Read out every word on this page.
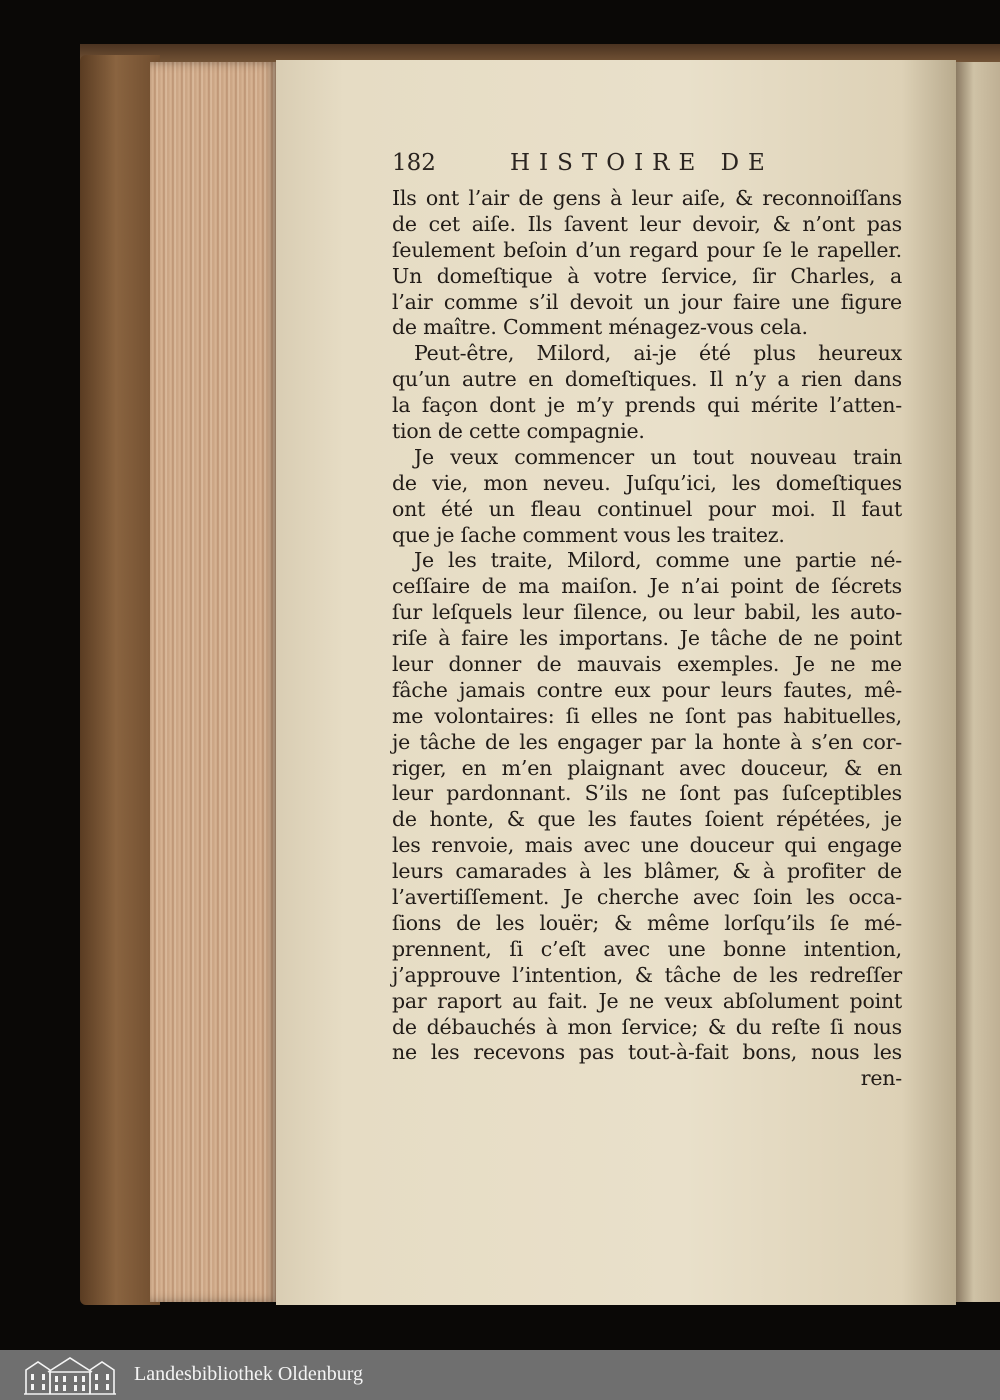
182	HISTOIRE DE
Ils ont l’air de gens à leur aiſe, & reconnoiſſans
de cet aiſe. Ils ſavent leur devoir, & n’ont pas
ſeulement beſoin d’un regard pour ſe le rapeller.
Un domeſtique à votre ſervice, ſir Charles, a
l’air comme s’il devoit un jour faire une figure
de maître. Comment ménagez-vous cela.
Peut-être, Milord, ai-je été plus heureux
qu’un autre en domeſtiques. Il n’y a rien dans
la façon dont je m’y prends qui mérite l’atten-
tion de cette compagnie.
Je veux commencer un tout nouveau train
de vie, mon neveu. Juſqu’ici, les domeſtiques
ont été un fleau continuel pour moi. Il faut
que je ſache comment vous les traitez.
Je les traite, Milord, comme une partie né-
ceſſaire de ma maiſon. Je n’ai point de ſécrets
ſur leſquels leur ſilence, ou leur babil, les auto-
riſe à faire les importans. Je tâche de ne point
leur donner de mauvais exemples. Je ne me
fâche jamais contre eux pour leurs fautes, mê-
me volontaires: ſi elles ne ſont pas habituelles,
je tâche de les engager par la honte à s’en cor-
riger, en m’en plaignant avec douceur, & en
leur pardonnant. S’ils ne ſont pas ſuſceptibles
de honte, & que les fautes ſoient répétées, je
les renvoie, mais avec une douceur qui engage
leurs camarades à les blâmer, & à profiter de
l’avertiſſement. Je cherche avec ſoin les occa-
ſions de les louër; & même lorſqu’ils ſe mé-
prennent, ſi c’eſt avec une bonne intention,
j’approuve l’intention, & tâche de les redreſſer
par raport au fait. Je ne veux abſolument point
de débauchés à mon ſervice; & du reſte ſi nous
ne les recevons pas tout-à-fait bons, nous les
ren-
Landesbibliothek Oldenburg
